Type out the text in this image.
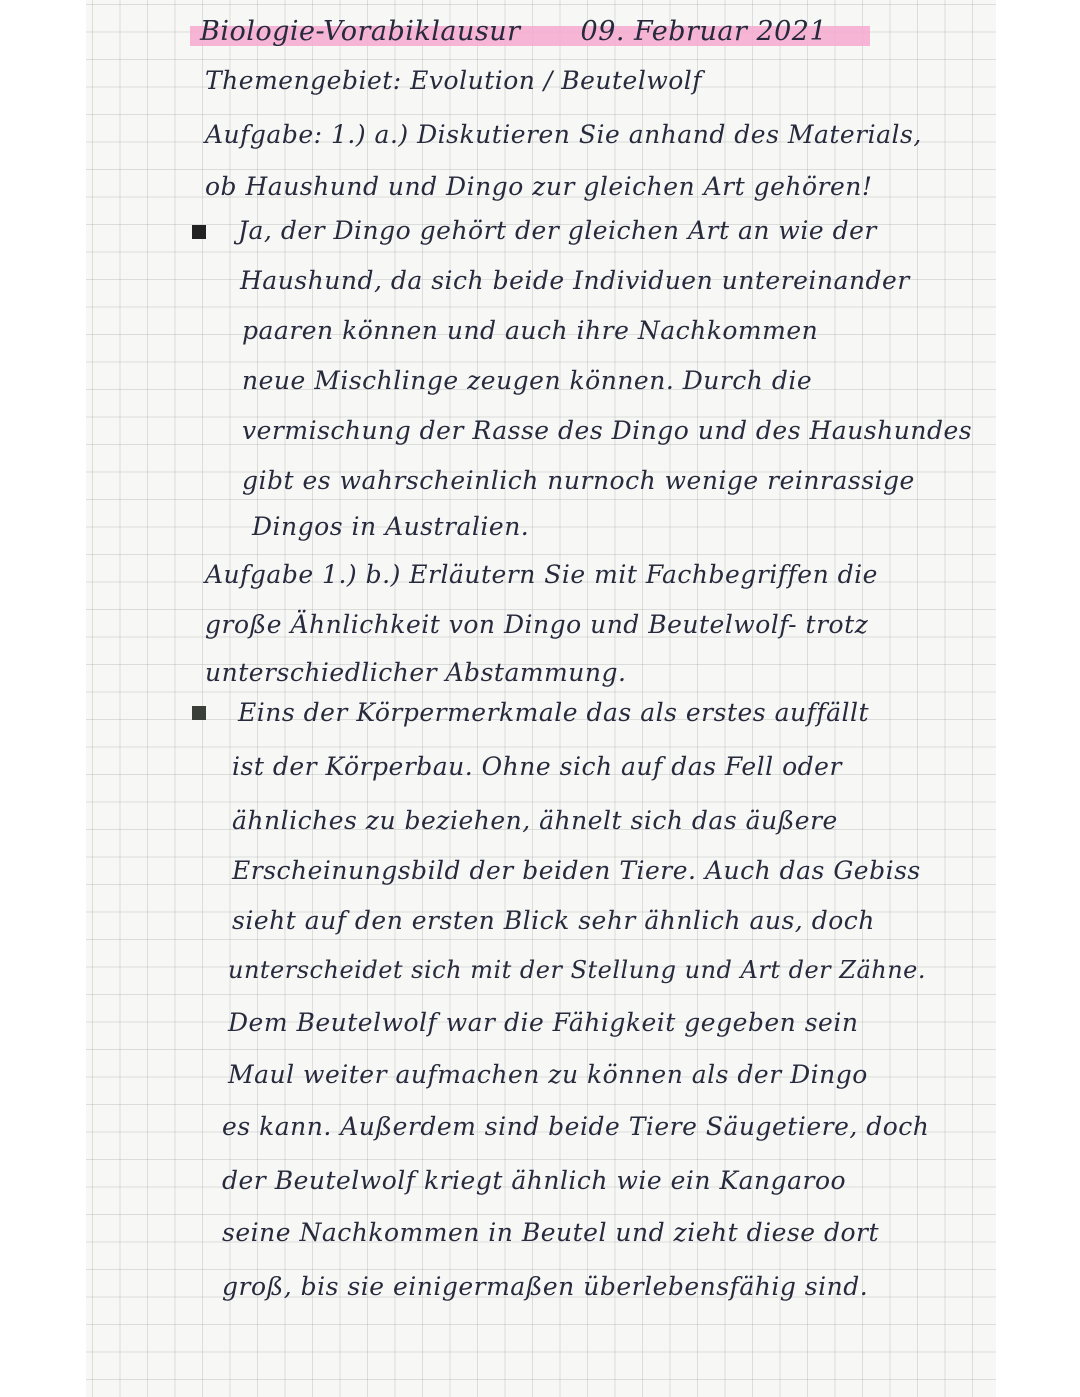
Biologie-Vorabiklausur 09. Februar 2021
Themengebiet: Evolution / Beutelwolf
Aufgabe: 1.) a.) Diskutieren Sie anhand des Materials,
ob Haushund und Dingo zur gleichen Art gehören!
Ja, der Dingo gehört der gleichen Art an wie der
Haushund, da sich beide Individuen untereinander
paaren können und auch ihre Nachkommen
neue Mischlinge zeugen können. Durch die
vermischung der Rasse des Dingo und des Haushundes
gibt es wahrscheinlich nurnoch wenige reinrassige
Dingos in Australien.
Aufgabe 1.) b.) Erläutern Sie mit Fachbegriffen die
große Ähnlichkeit von Dingo und Beutelwolf- trotz
unterschiedlicher Abstammung.
Eins der Körpermerkmale das als erstes auffällt
ist der Körperbau. Ohne sich auf das Fell oder
ähnliches zu beziehen, ähnelt sich das äußere
Erscheinungsbild der beiden Tiere. Auch das Gebiss
sieht auf den ersten Blick sehr ähnlich aus, doch
unterscheidet sich mit der Stellung und Art der Zähne.
Dem Beutelwolf war die Fähigkeit gegeben sein
Maul weiter aufmachen zu können als der Dingo
es kann. Außerdem sind beide Tiere Säugetiere, doch
der Beutelwolf kriegt ähnlich wie ein Kangaroo
seine Nachkommen in Beutel und zieht diese dort
groß, bis sie einigermaßen überlebensfähig sind.
